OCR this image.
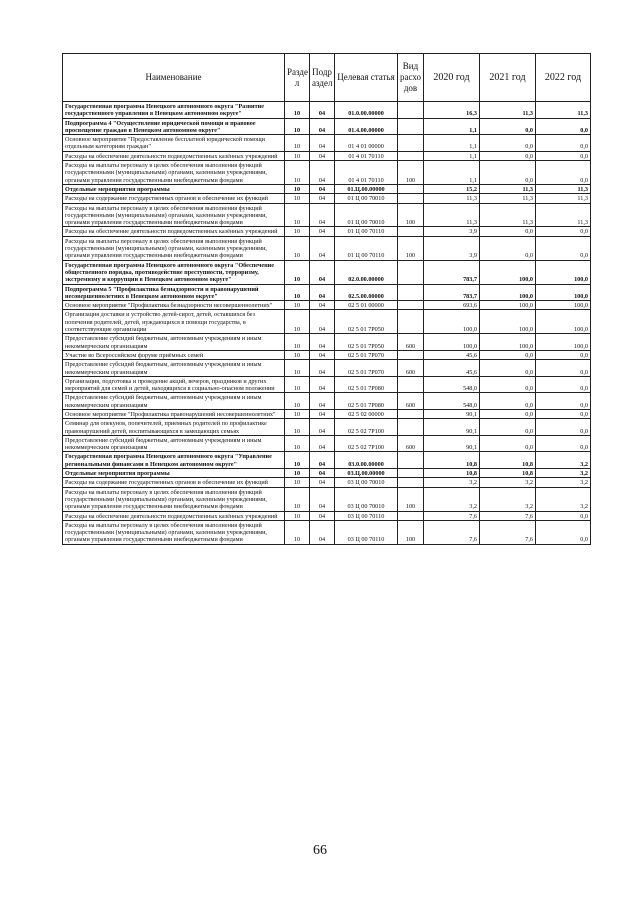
Наименование	Разде л	Подр аздел	Целевая статья	Вид расхо дов	2020 год	2021 год	2022 год
Государственная программа Ненецкого автономного округа "Развитие государственного управления в Ненецком автономном округе"	10	04	01.0.00.00000		16,3	11,3	11,3
Подпрограмма 4 "Осуществление юридической помощи и правовое просвещение граждан в Ненецком автономном округе"	10	04	01.4.00.00000		1,1	0,0	0,0
Основное мероприятие "Предоставление бесплатной юридической помощи отдельным категориям граждан"	10	04	01 4 01 00000		1,1	0,0	0,0
Расходы на обеспечение деятельности подведомственных казённых учреждений	10	04	01 4 01 70110		1,1	0,0	0,0
Расходы на выплаты персоналу в целях обеспечения выполнения функций государственными (муниципальными) органами, казенными учреждениями, органами управления государственными внебюджетными фондами	10	04	01 4 01 70110	100	1,1	0,0	0,0
Отдельные мероприятия программы	10	04	01.Ц.00.00000		15,2	11,3	11,3
Расходы на содержание государственных органов и обеспечение их функций	10	04	01 Ц 00 70010		11,3	11,3	11,3
Расходы на выплаты персоналу в целях обеспечения выполнения функций государственными (муниципальными) органами, казенными учреждениями, органами управления государственными внебюджетными фондами	10	04	01 Ц 00 70010	100	11,3	11,3	11,3
Расходы на обеспечение деятельности подведомственных казённых учреждений	10	04	01 Ц 00 70110		3,9	0,0	0,0
Расходы на выплаты персоналу в целях обеспечения выполнения функций государственными (муниципальными) органами, казенными учреждениями, органами управления государственными внебюджетными фондами	10	04	01 Ц 00 70110	100	3,9	0,0	0,0
Государственная программа Ненецкого автономного округа "Обеспечение общественного порядка, противодействие преступности, терроризму, экстремизму и коррупции в Ненецком автономном округе"	10	04	02.0.00.00000		783,7	100,0	100,0
Подпрограмма 5 "Профилактика безнадзорности и правонарушений несовершеннолетних в Ненецком автономном округе"	10	04	02.5.00.00000		783,7	100,0	100,0
Основное мероприятие "Профилактика безнадзорности несовершеннолетних"	10	04	02 5 01 00000		693,6	100,0	100,0
Организация доставки и устройство детей-сирот, детей, оставшихся без попечения родителей, детей, нуждающихся в помощи государства, в соответствующие организации	10	04	02 5 01 7Р050		100,0	100,0	100,0
Предоставление субсидий бюджетным, автономным учреждениям и иным некоммерческим организациям	10	04	02 5 01 7Р050	600	100,0	100,0	100,0
Участие во Всероссийском форуме приёмных семей	10	04	02 5 01 7Р070		45,6	0,0	0,0
Предоставление субсидий бюджетным, автономным учреждениям и иным некоммерческим организациям	10	04	02 5 01 7Р070	600	45,6	0,0	0,0
Организация, подготовка и проведение акций, вечеров, праздников и других мероприятий для семей и детей, находящихся в социально-опасном положении	10	04	02 5 01 7Р080		548,0	0,0	0,0
Предоставление субсидий бюджетным, автономным учреждениям и иным некоммерческим организациям	10	04	02 5 01 7Р080	600	548,0	0,0	0,0
Основное мероприятие "Профилактика правонарушений несовершеннолетних"	10	04	02 5 02 00000		90,1	0,0	0,0
Семинар для опекунов, попечителей, приемных родителей по профилактике правонарушений детей, воспитывающихся в замещающих семьях	10	04	02 5 02 7Р100		90,1	0,0	0,0
Предоставление субсидий бюджетным, автономным учреждениям и иным некоммерческим организациям	10	04	02 5 02 7Р100	600	90,1	0,0	0,0
Государственная программа Ненецкого автономного округа "Управление региональными финансами в Ненецком автономном округе"	10	04	03.0.00.00000		10,8	10,8	3,2
Отдельные мероприятия программы	10	04	03.Ц.00.00000		10,8	10,8	3,2
Расходы на содержание государственных органов и обеспечение их функций	10	04	03 Ц 00 70010		3,2	3,2	3,2
Расходы на выплаты персоналу в целях обеспечения выполнения функций государственными (муниципальными) органами, казенными учреждениями, органами управления государственными внебюджетными фондами	10	04	03 Ц 00 70010	100	3,2	3,2	3,2
Расходы на обеспечение деятельности подведомственных казённых учреждений	10	04	03 Ц 00 70110		7,6	7,6	0,0
Расходы на выплаты персоналу в целях обеспечения выполнения функций государственными (муниципальными) органами, казенными учреждениями, органами управления государственными внебюджетными фондами	10	04	03 Ц 00 70110	100	7,6	7,6	0,0
66
